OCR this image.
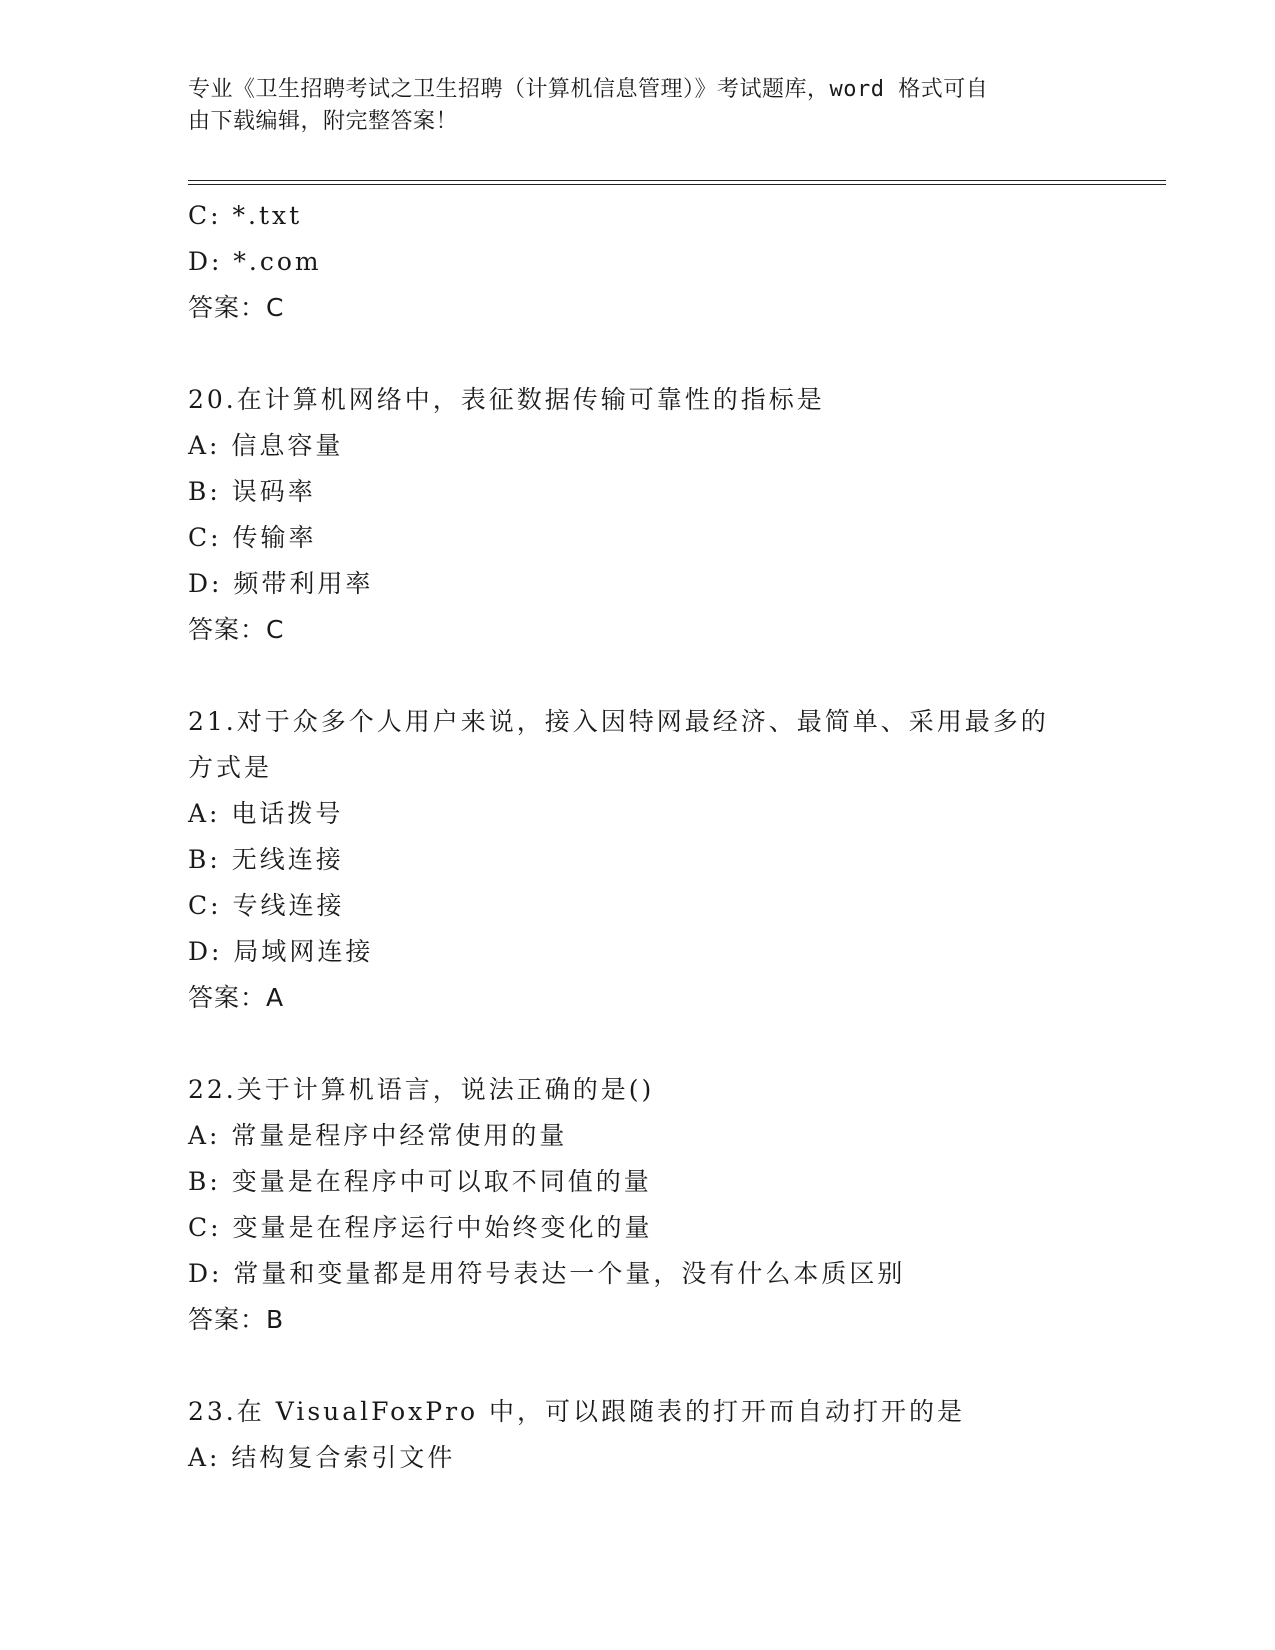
专业《卫生招聘考试之卫生招聘（计算机信息管理）》考试题库，word 格式可自
由下载编辑，附完整答案！
C: *.txt
D: *.com
答案：C
20.在计算机网络中，表征数据传输可靠性的指标是
A: 信息容量
B: 误码率
C: 传输率
D: 频带利用率
答案：C
21.对于众多个人用户来说，接入因特网最经济、最简单、采用最多的
方式是
A: 电话拨号
B: 无线连接
C: 专线连接
D: 局域网连接
答案：A
22.关于计算机语言，说法正确的是()
A: 常量是程序中经常使用的量
B: 变量是在程序中可以取不同值的量
C: 变量是在程序运行中始终变化的量
D: 常量和变量都是用符号表达一个量，没有什么本质区别
答案：B
23.在 VisualFoxPro 中，可以跟随表的打开而自动打开的是
A: 结构复合索引文件
